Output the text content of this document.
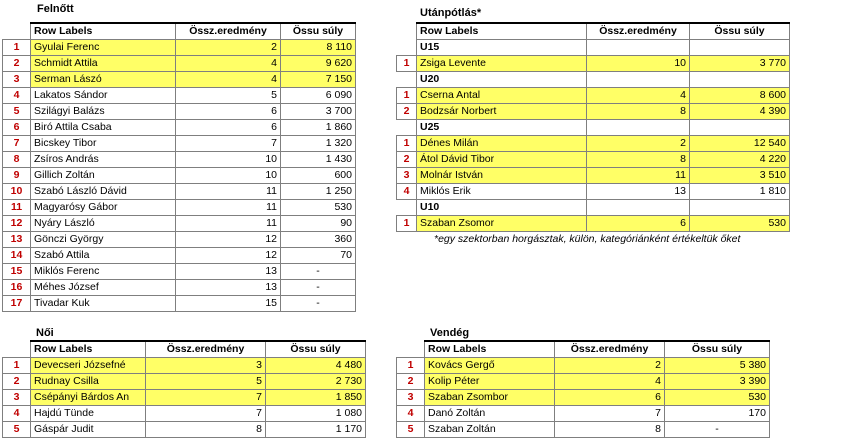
Felnőtt
	Row Labels	Össz.eredmény	Össu súly
1	Gyulai Ferenc	2	8 110
2	Schmidt Attila	4	9 620
3	Serman Lászó	4	7 150
4	Lakatos Sándor	5	6 090
5	Szilágyi Balázs	6	3 700
6	Biró Attila Csaba	6	1 860
7	Bicskey Tibor	7	1 320
8	Zsíros András	10	1 430
9	Gillich Zoltán	10	600
10	Szabó László Dávid	11	1 250
11	Magyarósy Gábor	11	530
12	Nyáry László	11	90
13	Gönczi György	12	360
14	Szabó Attila	12	70
15	Miklós Ferenc	13	-
16	Méhes József	13	-
17	Tivadar Kuk	15	-
Utánpótlás*
	Row Labels	Össz.eredmény	Össu súly
	U15		
1	Zsiga Levente	10	3 770
	U20		
1	Cserna Antal	4	8 600
2	Bodzsár Norbert	8	4 390
	U25		
1	Dénes Milán	2	12 540
2	Átol Dávid Tibor	8	4 220
3	Molnár István	11	3 510
4	Miklós Erik	13	1 810
	U10		
1	Szaban Zsomor	6	530
*egy szektorban horgásztak, külön, kategóriánként értékeltük őket
Női
	Row Labels	Össz.eredmény	Össu súly
1	Devecseri Józsefné	3	4 480
2	Rudnay Csilla	5	2 730
3	Csépányi Bárdos An	7	1 850
4	Hajdú Tünde	7	1 080
5	Gáspár Judit	8	1 170
Vendég
	Row Labels	Össz.eredmény	Össu súly
1	Kovács Gergő	2	5 380
2	Kolip Péter	4	3 390
3	Szaban Zsombor	6	530
4	Danó Zoltán	7	170
5	Szaban Zoltán	8	-
